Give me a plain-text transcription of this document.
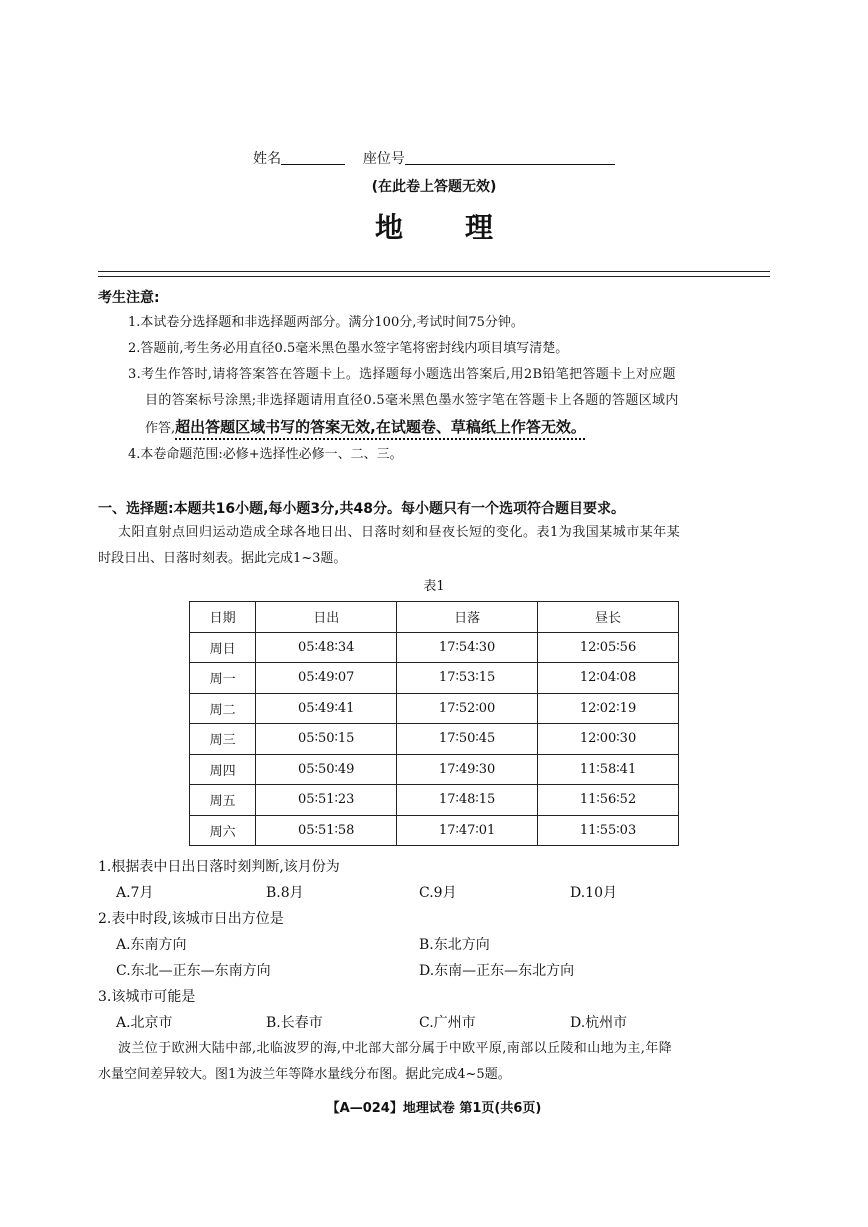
姓名	座位号
(在此卷上答题无效)
地理
考生注意:
1.本试卷分选择题和非选择题两部分。满分100分,考试时间75分钟。
2.答题前,考生务必用直径0.5毫米黑色墨水签字笔将密封线内项目填写清楚。
3.考生作答时,请将答案答在答题卡上。选择题每小题选出答案后,用2B铅笔把答题卡上对应题
目的答案标号涂黑;非选择题请用直径0.5毫米黑色墨水签字笔在答题卡上各题的答题区域内
作答,超出答题区域书写的答案无效,在试题卷、草稿纸上作答无效。
4.本卷命题范围:必修+选择性必修一、二、三。
一、选择题:本题共16小题,每小题3分,共48分。每小题只有一个选项符合题目要求。
太阳直射点回归运动造成全球各地日出、日落时刻和昼夜长短的变化。表1为我国某城市某年某
时段日出、日落时刻表。据此完成1~3题。
表1
日期	日出	日落	昼长
周日	05∶48∶34	17∶54∶30	12∶05∶56
周一	05∶49∶07	17∶53∶15	12∶04∶08
周二	05∶49∶41	17∶52∶00	12∶02∶19
周三	05∶50∶15	17∶50∶45	12∶00∶30
周四	05∶50∶49	17∶49∶30	11∶58∶41
周五	05∶51∶23	17∶48∶15	11∶56∶52
周六	05∶51∶58	17∶47∶01	11∶55∶03
1.根据表中日出日落时刻判断,该月份为
A.7月	B.8月	C.9月	D.10月
2.表中时段,该城市日出方位是
A.东南方向	B.东北方向
C.东北—正东—东南方向	D.东南—正东—东北方向
3.该城市可能是
A.北京市	B.长春市	C.广州市	D.杭州市
波兰位于欧洲大陆中部,北临波罗的海,中北部大部分属于中欧平原,南部以丘陵和山地为主,年降
水量空间差异较大。图1为波兰年等降水量线分布图。据此完成4~5题。
【A—024】地理试卷 第1页(共6页)
